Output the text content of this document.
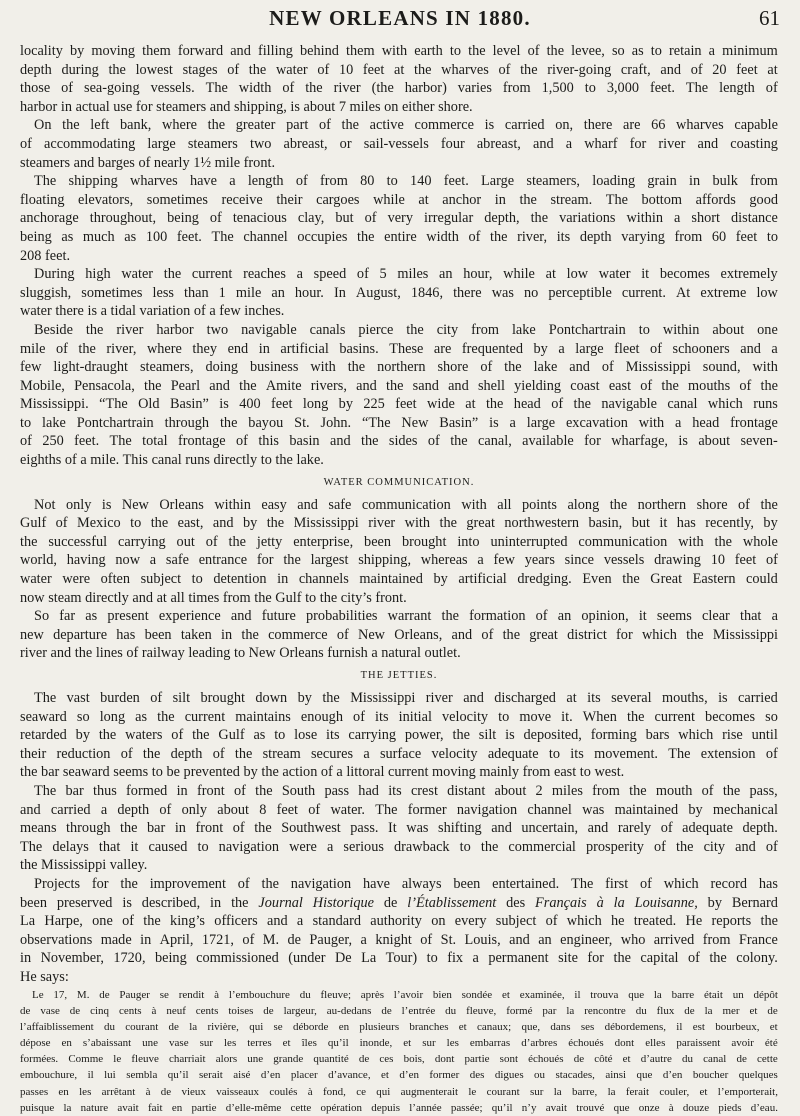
NEW ORLEANS IN 1880.	61
locality by moving them forward and filling behind them with earth to the level of the levee, so as to retain a minimum
depth during the lowest stages of the water of 10 feet at the wharves of the river-going craft, and of 20 feet at
those of sea-going vessels. The width of the river (the harbor) varies from 1,500 to 3,000 feet. The length of
harbor in actual use for steamers and shipping, is about 7 miles on either shore.
On the left bank, where the greater part of the active commerce is carried on, there are 66 wharves capable
of accommodating large steamers two abreast, or sail-vessels four abreast, and a wharf for river and coasting
steamers and barges of nearly 1½ mile front.
The shipping wharves have a length of from 80 to 140 feet. Large steamers, loading grain in bulk from
floating elevators, sometimes receive their cargoes while at anchor in the stream. The bottom affords good
anchorage throughout, being of tenacious clay, but of very irregular depth, the variations within a short distance
being as much as 100 feet. The channel occupies the entire width of the river, its depth varying from 60 feet to
208 feet.
During high water the current reaches a speed of 5 miles an hour, while at low water it becomes extremely
sluggish, sometimes less than 1 mile an hour. In August, 1846, there was no perceptible current. At extreme low
water there is a tidal variation of a few inches.
Beside the river harbor two navigable canals pierce the city from lake Pontchartrain to within about one
mile of the river, where they end in artificial basins. These are frequented by a large fleet of schooners and a
few light-draught steamers, doing business with the northern shore of the lake and of Mississippi sound, with
Mobile, Pensacola, the Pearl and the Amite rivers, and the sand and shell yielding coast east of the mouths of the
Mississippi. “The Old Basin” is 400 feet long by 225 feet wide at the head of the navigable canal which runs
to lake Pontchartrain through the bayou St. John. “The New Basin” is a large excavation with a head frontage
of 250 feet. The total frontage of this basin and the sides of the canal, available for wharfage, is about seven-
eighths of a mile. This canal runs directly to the lake.
WATER COMMUNICATION.
Not only is New Orleans within easy and safe communication with all points along the northern shore of the
Gulf of Mexico to the east, and by the Mississippi river with the great northwestern basin, but it has recently, by
the successful carrying out of the jetty enterprise, been brought into uninterrupted communication with the whole
world, having now a safe entrance for the largest shipping, whereas a few years since vessels drawing 10 feet of
water were often subject to detention in channels maintained by artificial dredging. Even the Great Eastern could
now steam directly and at all times from the Gulf to the city’s front.
So far as present experience and future probabilities warrant the formation of an opinion, it seems clear that a
new departure has been taken in the commerce of New Orleans, and of the great district for which the Mississippi
river and the lines of railway leading to New Orleans furnish a natural outlet.
THE JETTIES.
The vast burden of silt brought down by the Mississippi river and discharged at its several mouths, is carried
seaward so long as the current maintains enough of its initial velocity to move it. When the current becomes so
retarded by the waters of the Gulf as to lose its carrying power, the silt is deposited, forming bars which rise until
their reduction of the depth of the stream secures a surface velocity adequate to its movement. The extension of
the bar seaward seems to be prevented by the action of a littoral current moving mainly from east to west.
The bar thus formed in front of the South pass had its crest distant about 2 miles from the mouth of the pass,
and carried a depth of only about 8 feet of water. The former navigation channel was maintained by mechanical
means through the bar in front of the Southwest pass. It was shifting and uncertain, and rarely of adequate depth.
The delays that it caused to navigation were a serious drawback to the commercial prosperity of the city and of
the Mississippi valley.
Projects for the improvement of the navigation have always been entertained. The first of which record has
been preserved is described, in the Journal Historique de l’Établissement des Français à la Louisanne, by Bernard
La Harpe, one of the king’s officers and a standard authority on every subject of which he treated. He reports the
observations made in April, 1721, of M. de Pauger, a knight of St. Louis, and an engineer, who arrived from France
in November, 1720, being commissioned (under De La Tour) to fix a permanent site for the capital of the colony.
He says:
Le 17, M. de Pauger se rendit à l’embouchure du fleuve; après l’avoir bien sondée et examinée, il trouva que la barre était un dépôt
de vase de cinq cents à neuf cents toises de largeur, au-dedans de l’entrée du fleuve, formé par la rencontre du flux de la mer et de
l’affaiblissement du courant de la rivière, qui se déborde en plusieurs branches et canaux; que, dans ses débordemens, il est bourbeux, et
dépose en s’abaissant une vase sur les terres et îles qu’il inonde, et sur les embarras d’arbres échoués dont elles paraissent avoir été
formées. Comme le fleuve charriait alors une grande quantité de ces bois, dont partie sont échoués de côté et d’autre du canal de cette
embouchure, il lui sembla qu’il serait aisé d’en placer d’avance, et d’en former des digues ou stacades, ainsi que d’en boucher quelques
passes en les arrêtant à de vieux vaisseaux coulés à fond, ce qui augmenterait le courant sur la barre, la ferait couler, et l’emporterait,
puisque la nature avait fait en partie d’elle-même cette opération depuis l’année passée; qu’il n’y avait trouvé que onze à douze pieds d’eau.
